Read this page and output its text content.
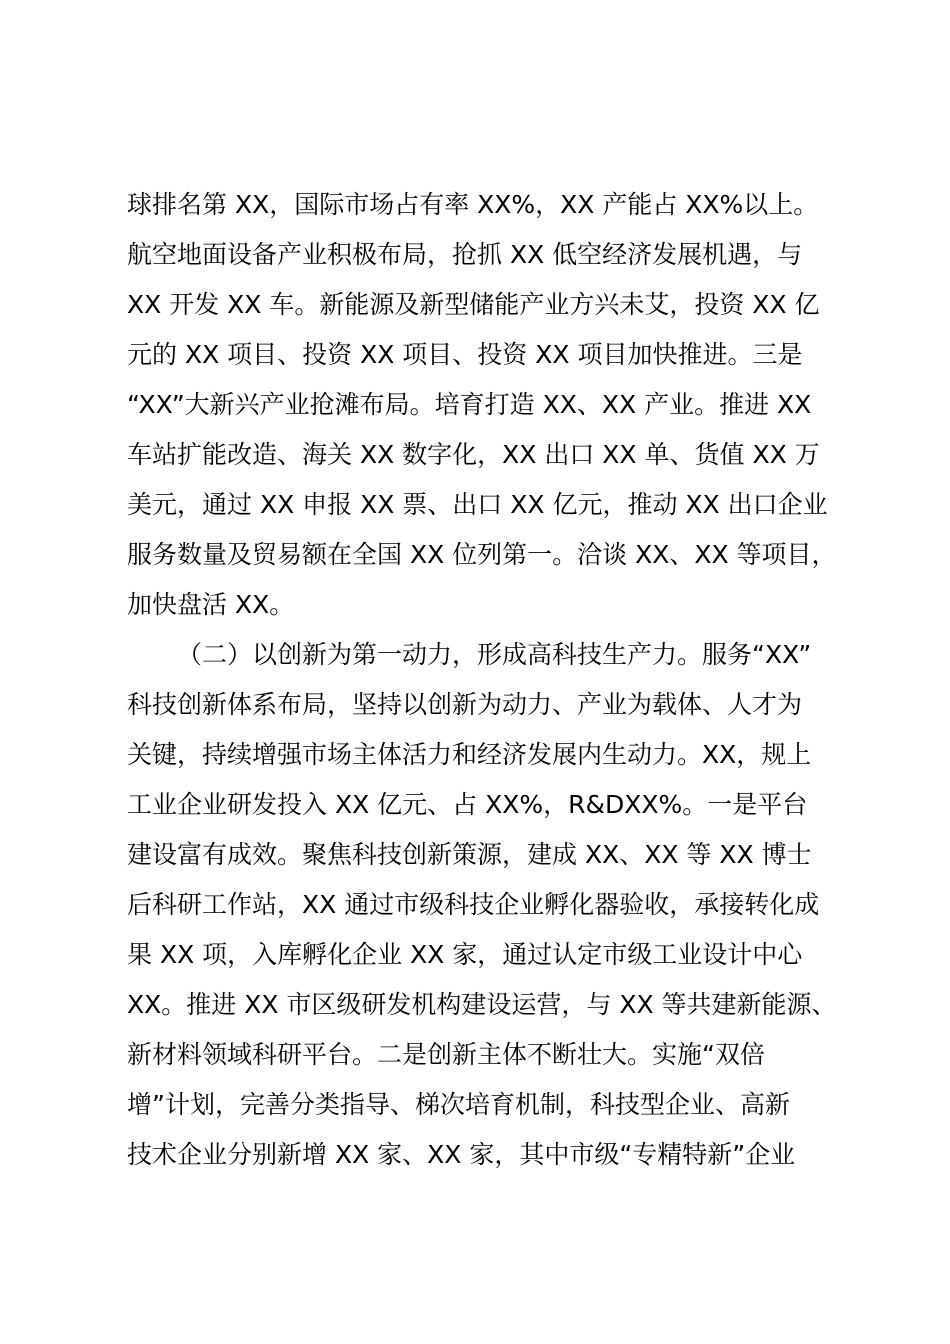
球排名第 XX，国际市场占有率 XX%，XX 产能占 XX%以上。
航空地面设备产业积极布局，抢抓 XX 低空经济发展机遇，与
XX 开发 XX 车。新能源及新型储能产业方兴未艾，投资 XX 亿
元的 XX 项目、投资 XX 项目、投资 XX 项目加快推进。三是
“XX”大新兴产业抢滩布局。培育打造 XX、XX 产业。推进 XX
车站扩能改造、海关 XX 数字化，XX 出口 XX 单、货值 XX 万
美元，通过 XX 申报 XX 票、出口 XX 亿元，推动 XX 出口企业
服务数量及贸易额在全国 XX 位列第一。洽谈 XX、XX 等项目，
加快盘活 XX。
（二）以创新为第一动力，形成高科技生产力。服务“XX”
科技创新体系布局，坚持以创新为动力、产业为载体、人才为
关键，持续增强市场主体活力和经济发展内生动力。XX，规上
工业企业研发投入 XX 亿元、占 XX%，R&DXX%。一是平台
建设富有成效。聚焦科技创新策源，建成 XX、XX 等 XX 博士
后科研工作站，XX 通过市级科技企业孵化器验收，承接转化成
果 XX 项，入库孵化企业 XX 家，通过认定市级工业设计中心
XX。推进 XX 市区级研发机构建设运营，与 XX 等共建新能源、
新材料领域科研平台。二是创新主体不断壮大。实施“双倍
增”计划，完善分类指导、梯次培育机制，科技型企业、高新
技术企业分别新增 XX 家、XX 家，其中市级“专精特新”企业
